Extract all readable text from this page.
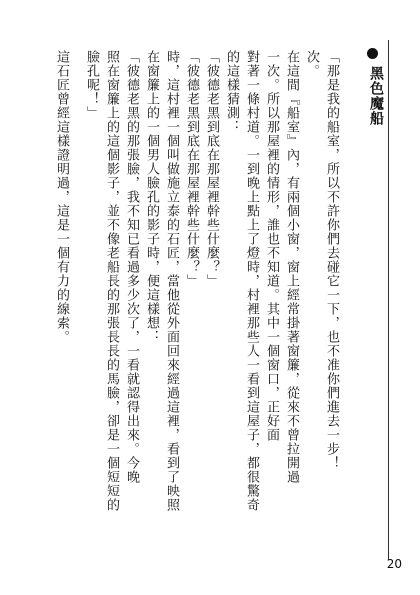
黑色魔船
「那是我的船室，所以不許你們去碰它一下，也不准你們進去一步！
次。
在這間『船室』內，有兩個小窗，窗上經常掛著窗簾，從來不曾拉開過
一次。所以那屋裡的情形，誰也不知道。其中一個窗口，正好面
對著一條村道。一到晚上點上了燈時，村裡那些人一看到這屋子，都很驚奇
的這樣猜測：
「彼德老黑到底在那屋裡幹些什麼？」
「彼德老黑到底在那屋裡幹些什麼？」
時，這村裡一個叫做施立泰的石匠，當他從外面回來經過這裡，看到了映照
在窗簾上的一個男人臉孔的影子時，便這樣想：
「彼德老黑的那張臉，我不知已看過多少次了，一看就認得出來。今晚
照在窗簾上的這個影子，並不像老船長的那張長長的馬臉，卻是一個短短的
臉孔呢！」
這石匠曾經這樣證明過，這是一個有力的線索。
20
